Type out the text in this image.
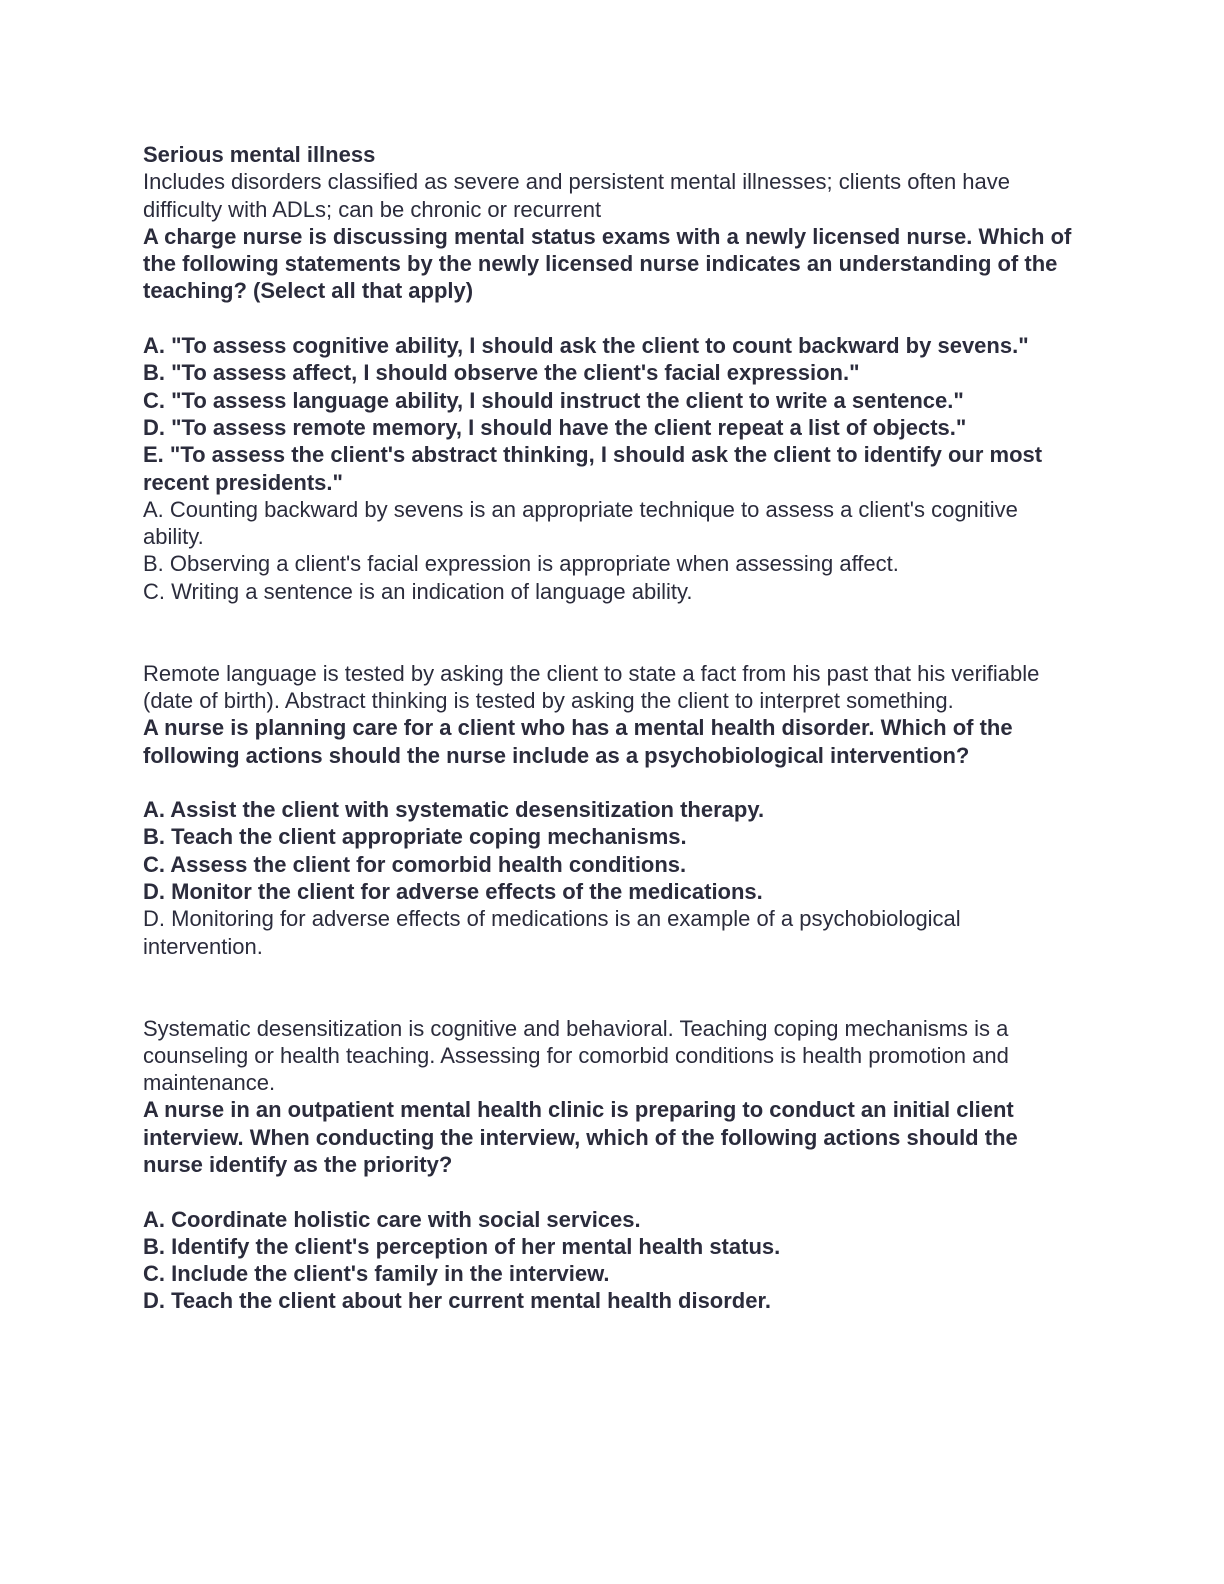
Serious mental illness

Includes disorders classified as severe and persistent mental illnesses; clients often have difficulty with ADLs; can be chronic or recurrent

A charge nurse is discussing mental status exams with a newly licensed nurse. Which of the following statements by the newly licensed nurse indicates an understanding of the teaching? (Select all that apply)

A. "To assess cognitive ability, I should ask the client to count backward by sevens."

B. "To assess affect, I should observe the client's facial expression."

C. "To assess language ability, I should instruct the client to write a sentence."

D. "To assess remote memory, I should have the client repeat a list of objects."

E. "To assess the client's abstract thinking, I should ask the client to identify our most recent presidents."

A. Counting backward by sevens is an appropriate technique to assess a client's cognitive ability.

B. Observing a client's facial expression is appropriate when assessing affect.

C. Writing a sentence is an indication of language ability.

Remote language is tested by asking the client to state a fact from his past that his verifiable (date of birth). Abstract thinking is tested by asking the client to interpret something.

A nurse is planning care for a client who has a mental health disorder. Which of the following actions should the nurse include as a psychobiological intervention?

A. Assist the client with systematic desensitization therapy.

B. Teach the client appropriate coping mechanisms.

C. Assess the client for comorbid health conditions.

D. Monitor the client for adverse effects of the medications.

D. Monitoring for adverse effects of medications is an example of a psychobiological intervention.

Systematic desensitization is cognitive and behavioral. Teaching coping mechanisms is a counseling or health teaching. Assessing for comorbid conditions is health promotion and maintenance.

A nurse in an outpatient mental health clinic is preparing to conduct an initial client interview. When conducting the interview, which of the following actions should the nurse identify as the priority?

A. Coordinate holistic care with social services.

B. Identify the client's perception of her mental health status.

C. Include the client's family in the interview.

D. Teach the client about her current mental health disorder.
